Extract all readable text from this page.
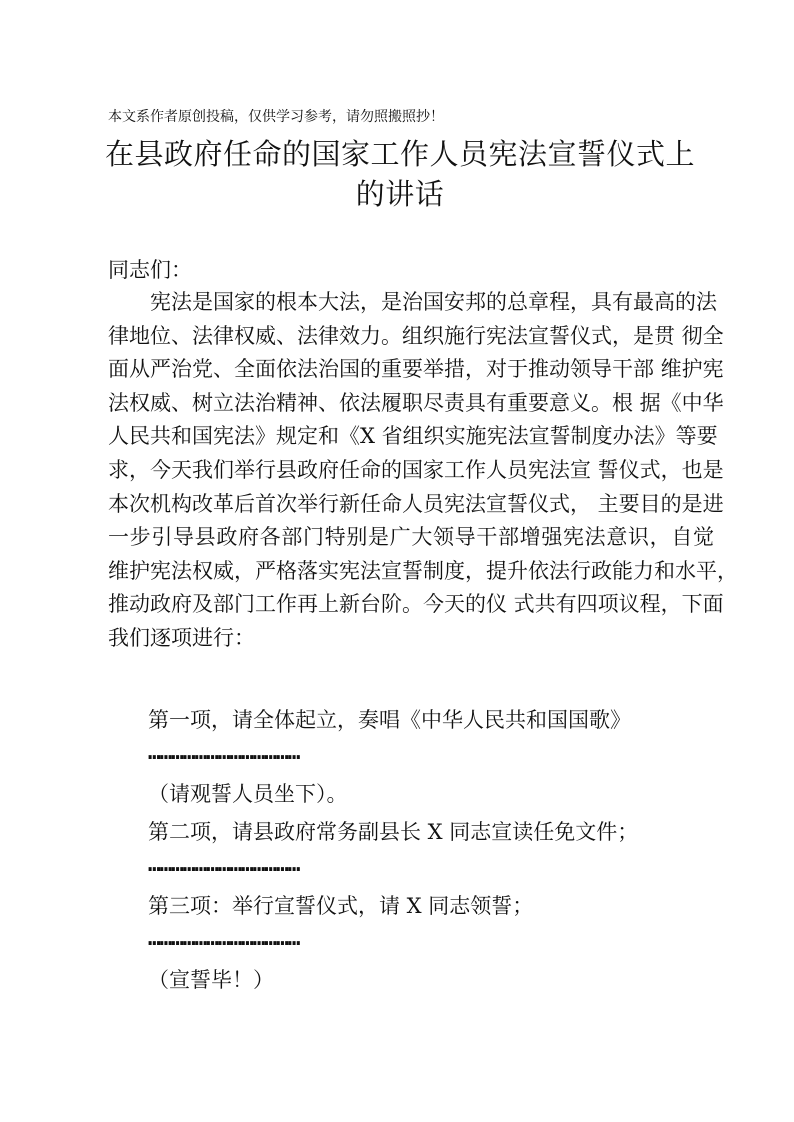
本文系作者原创投稿，仅供学习参考，请勿照搬照抄！
在县政府任命的国家工作人员宪法宣誓仪式上
的讲话
同志们：
宪法是国家的根本大法，是治国安邦的总章程，具有最高的法
律地位、法律权威、法律效力。组织施行宪法宣誓仪式，是贯 彻全
面从严治党、全面依法治国的重要举措，对于推动领导干部 维护宪
法权威、树立法治精神、依法履职尽责具有重要意义。根 据《中华
人民共和国宪法》规定和《X 省组织实施宪法宣誓制度办法》等要
求，今天我们举行县政府任命的国家工作人员宪法宣 誓仪式，也是
本次机构改革后首次举行新任命人员宪法宣誓仪式， 主要目的是进
一步引导县政府各部门特别是广大领导干部增强宪法意识，自觉
维护宪法权威，严格落实宪法宣誓制度，提升依法行政能力和水平，
推动政府及部门工作再上新台阶。今天的仪 式共有四项议程，下面
我们逐项进行：
第一项，请全体起立，奏唱《中华人民共和国国歌》
…………………………………
（请观誓人员坐下）。
第二项，请县政府常务副县长 X 同志宣读任免文件；
…………………………………
第三项：举行宣誓仪式，请 X 同志领誓；
…………………………………
（宣誓毕！）
